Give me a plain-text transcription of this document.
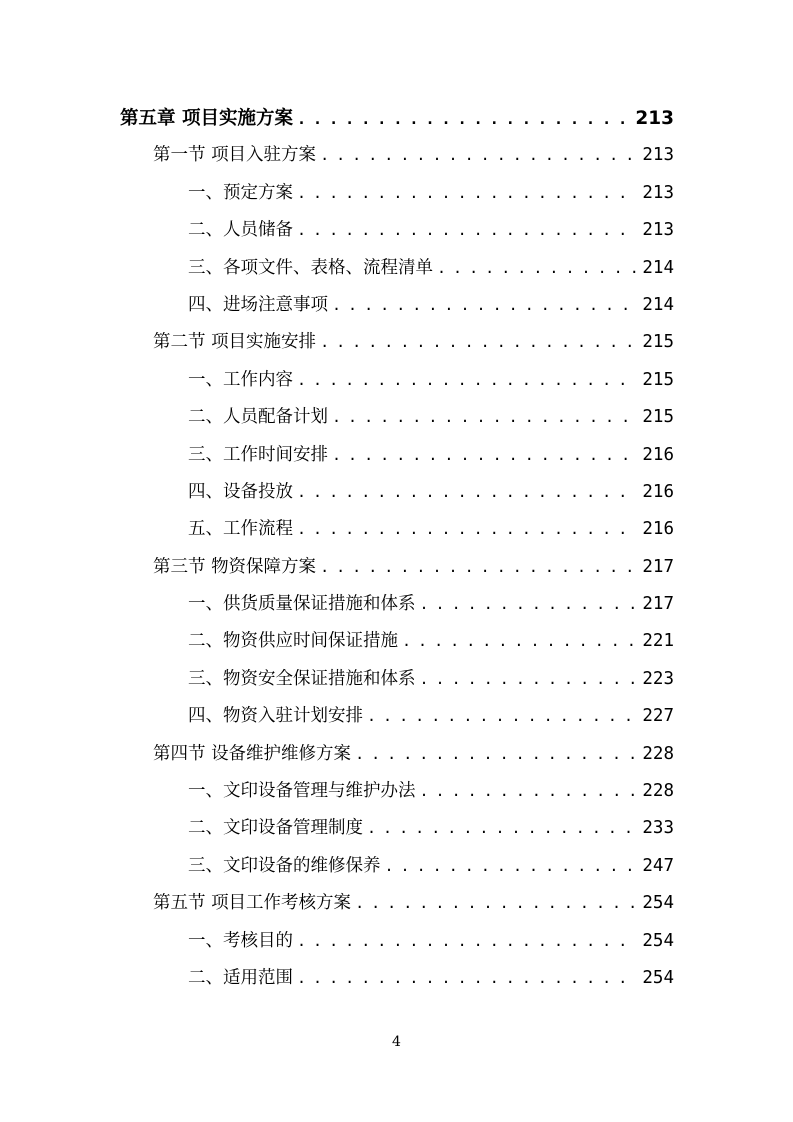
第五章 项目实施方案 . . .	213
第一节 项目入驻方案 . . .	213
一、预定方案 . . .	213
二、人员储备 . . .	213
三、各项文件、表格、流程清单 . . .	214
四、进场注意事项 . . .	214
第二节 项目实施安排 . . .	215
一、工作内容 . . .	215
二、人员配备计划 . . .	215
三、工作时间安排 . . .	216
四、设备投放 . . .	216
五、工作流程 . . .	216
第三节 物资保障方案 . . .	217
一、供货质量保证措施和体系 . . .	217
二、物资供应时间保证措施 . . .	221
三、物资安全保证措施和体系 . . .	223
四、物资入驻计划安排 . . .	227
第四节 设备维护维修方案 . . .	228
一、文印设备管理与维护办法 . . .	228
二、文印设备管理制度 . . .	233
三、文印设备的维修保养 . . .	247
第五节 项目工作考核方案 . . .	254
一、考核目的 . . .	254
二、适用范围 . . .	254
4
